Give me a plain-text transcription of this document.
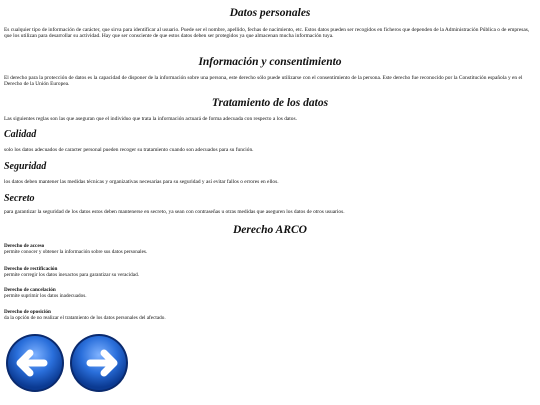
Datos personales

Es cualquier tipo de información de carácter, que sirva para identificar al usuario. Puede ser el nombre, apellido, fechas de nacimiento, etc. Estos datos pueden ser recogidos en ficheros que dependen de la Administración Pública o de empresas, que los utilizan para desarrollar su actividad. Hay que ser consciente de que estos datos deben ser protegidos ya que almacenan mucha información tuya.

Información y consentimiento

El derecho para la protección de datos es la capacidad de disponer de la información sobre una persona, este derecho sólo puede utilizarse con el consentimiento de la persona. Este derecho fue reconocido por la Constitución española y en el Derecho de la Unión Europea.

Tratamiento de los datos

Las siguientes reglas son las que aseguran que el individuo que trata la información actuará de forma adecuada con respecto a los datos.

Calidad

solo los datos adecuados de caracter personal pueden recoger su tratamiento cuando son adecuados para su función.

Seguridad

los datos deben mantener las medidas técnicas y organizativas necesarias para su seguridad y así evitar fallos o errores en ellos.

Secreto

para garantizar la seguridad de los datos estos deben mantenerse en secreto, ya sean con contraseñas u otras medidas que aseguren los datos de otros usuarios.

Derecho ARCO
Derecho de acceso
permite conocer y obtener la información sobre sus datos personales.
Derecho de rectificación
permite corregir los datos inexactos para garantizar su veracidad.
Derecho de cancelación
permite suprimir los datos inadecuados.
Derecho de oposición
da la opción de no realizar el tratamiento de los datos personales del afectado.
